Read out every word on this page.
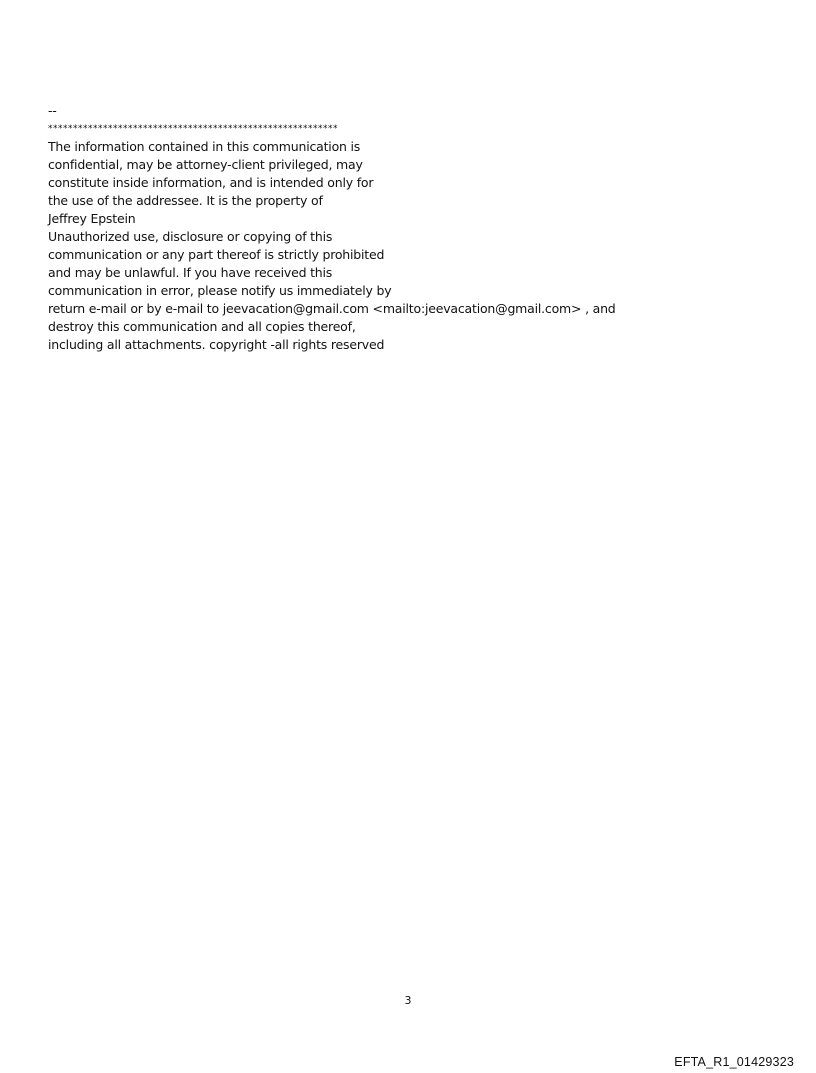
--
**********************************************************
The information contained in this communication is
confidential, may be attorney-client privileged, may
constitute inside information, and is intended only for
the use of the addressee. It is the property of
Jeffrey Epstein
Unauthorized use, disclosure or copying of this
communication or any part thereof is strictly prohibited
and may be unlawful. If you have received this
communication in error, please notify us immediately by
return e-mail or by e-mail to jeevacation@gmail.com <mailto:jeevacation@gmail.com> , and
destroy this communication and all copies thereof,
including all attachments. copyright -all rights reserved
3
EFTA_R1_01429323
